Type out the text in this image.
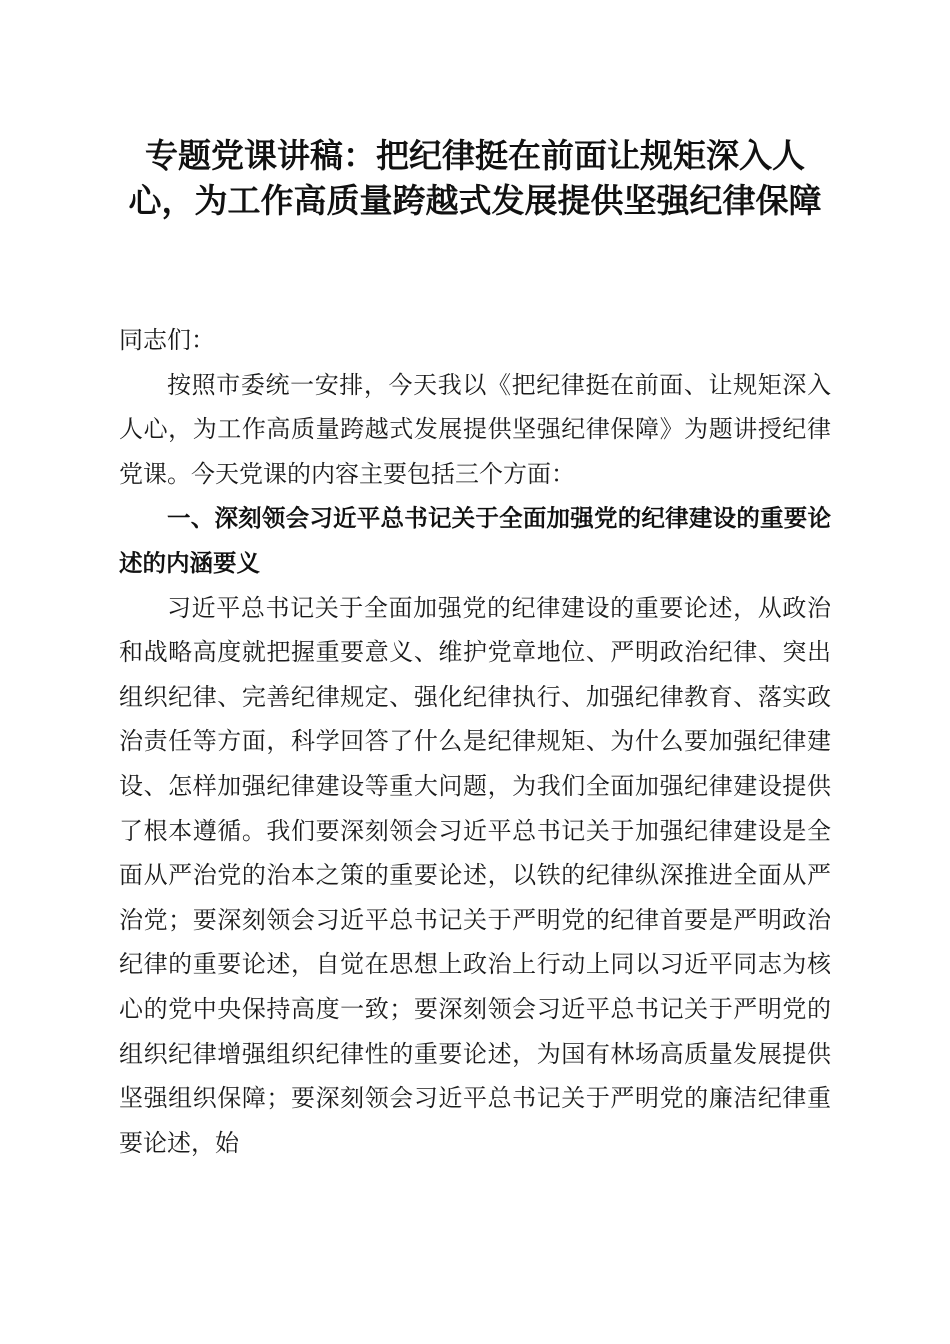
专题党课讲稿：把纪律挺在前面让规矩深入人心，为工作高质量跨越式发展提供坚强纪律保障

同志们：

按照市委统一安排，今天我以《把纪律挺在前面、让规矩深入人心，为工作高质量跨越式发展提供坚强纪律保障》为题讲授纪律党课。今天党课的内容主要包括三个方面：

一、深刻领会习近平总书记关于全面加强党的纪律建设的重要论述的内涵要义

习近平总书记关于全面加强党的纪律建设的重要论述，从政治和战略高度就把握重要意义、维护党章地位、严明政治纪律、突出组织纪律、完善纪律规定、强化纪律执行、加强纪律教育、落实政治责任等方面，科学回答了什么是纪律规矩、为什么要加强纪律建设、怎样加强纪律建设等重大问题，为我们全面加强纪律建设提供了根本遵循。我们要深刻领会习近平总书记关于加强纪律建设是全面从严治党的治本之策的重要论述，以铁的纪律纵深推进全面从严治党；要深刻领会习近平总书记关于严明党的纪律首要是严明政治纪律的重要论述，自觉在思想上政治上行动上同以习近平同志为核心的党中央保持高度一致；要深刻领会习近平总书记关于严明党的组织纪律增强组织纪律性的重要论述，为国有林场高质量发展提供坚强组织保障；要深刻领会习近平总书记关于严明党的廉洁纪律重要论述，始
